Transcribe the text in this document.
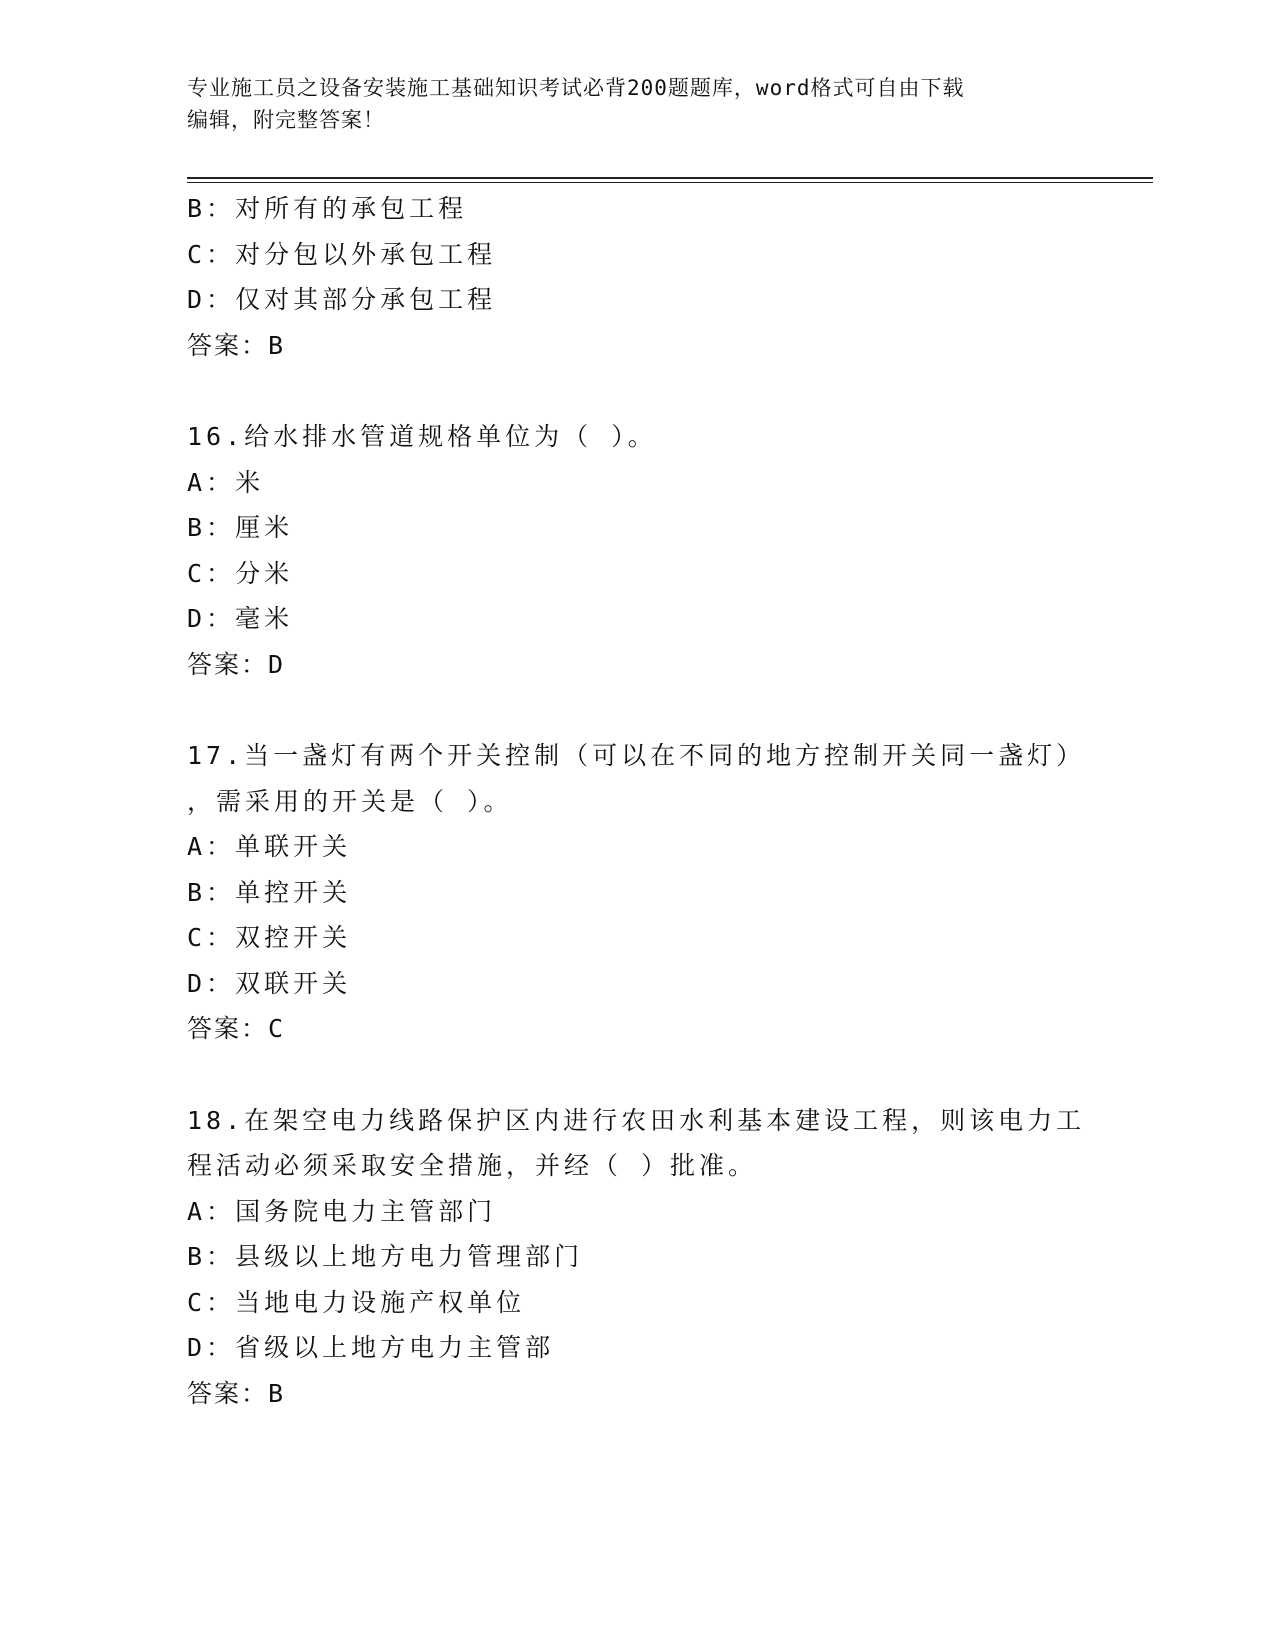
专业施工员之设备安装施工基础知识考试必背200题题库，word格式可自由下载
编辑，附完整答案！
B：对所有的承包工程
C：对分包以外承包工程
D：仅对其部分承包工程
答案：B
16.给水排水管道规格单位为（ ）。
A：米
B：厘米
C：分米
D：毫米
答案：D
17.当一盏灯有两个开关控制（可以在不同的地方控制开关同一盏灯）
，需采用的开关是（ ）。
A：单联开关
B：单控开关
C：双控开关
D：双联开关
答案：C
18.在架空电力线路保护区内进行农田水利基本建设工程，则该电力工
程活动必须采取安全措施，并经（ ）批准。
A：国务院电力主管部门
B：县级以上地方电力管理部门
C：当地电力设施产权单位
D：省级以上地方电力主管部
答案：B
